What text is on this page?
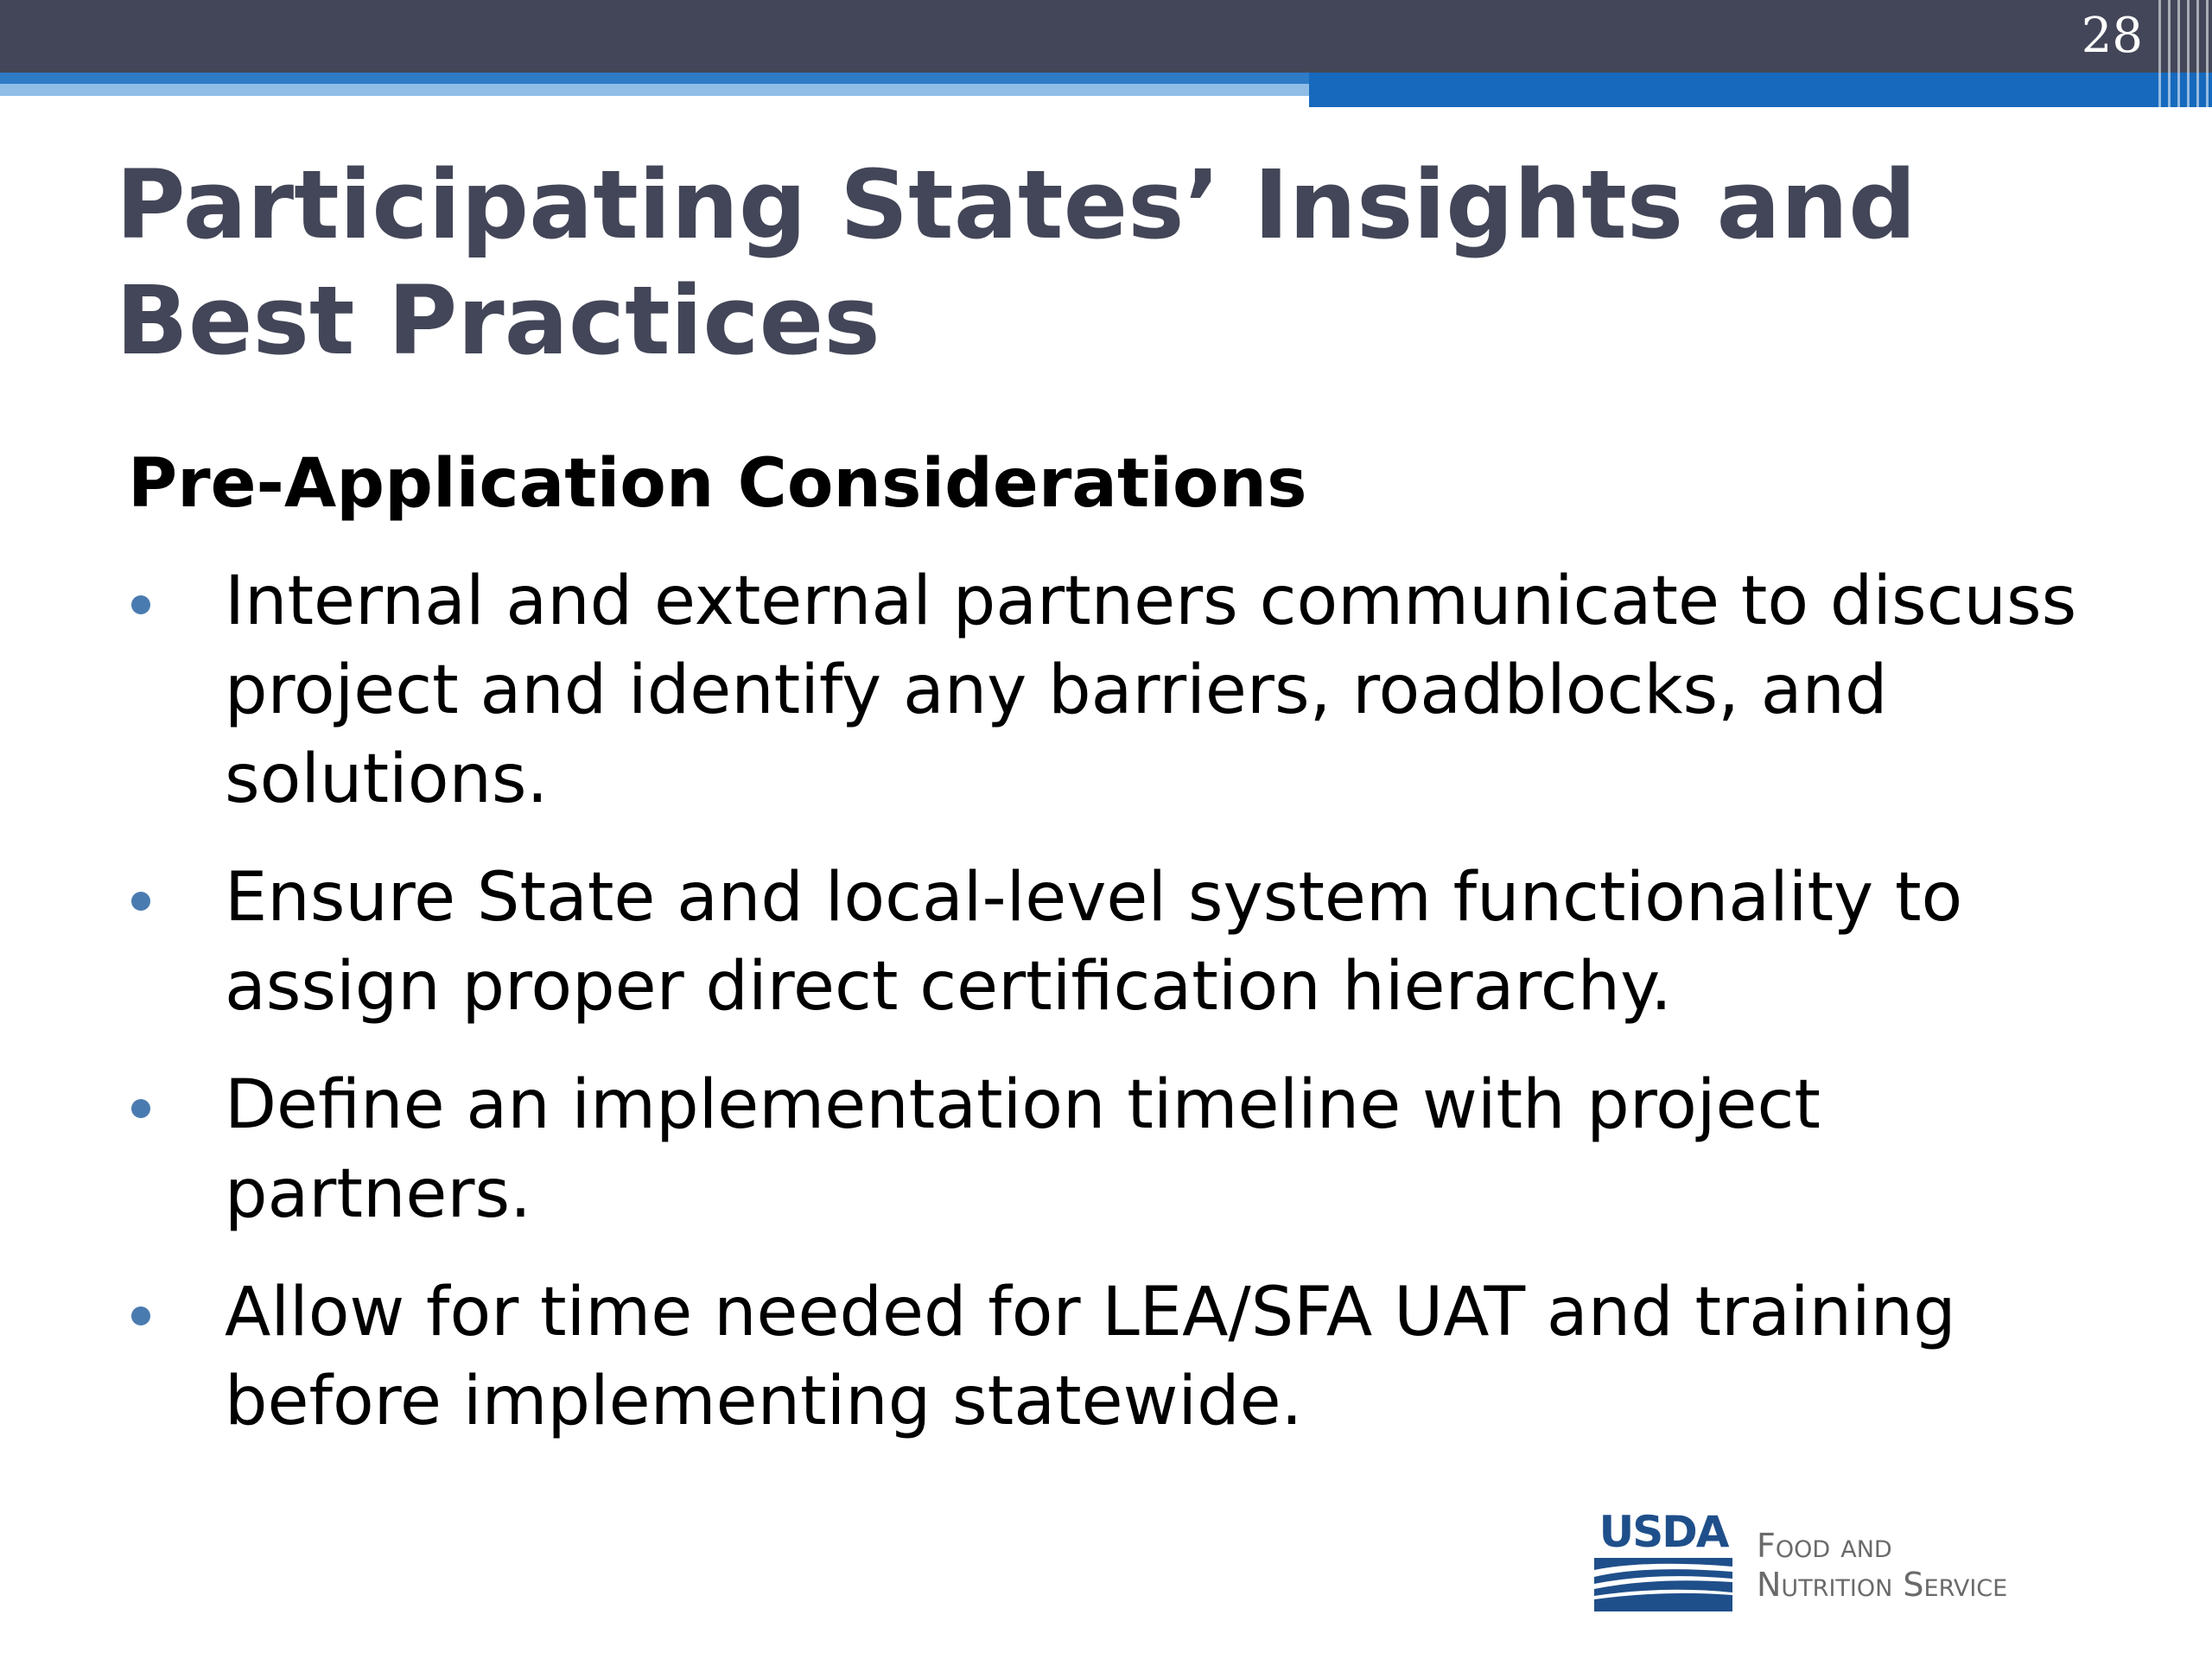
28
Participating States’ Insights and Best Practices
Pre-Application Considerations
Internal and external partners communicate to discuss project and identify any barriers, roadblocks, and solutions.
Ensure State and local-level system functionality to assign proper direct certification hierarchy.
Define an implementation timeline with project partners.
Allow for time needed for LEA/SFA UAT and training before implementing statewide.
USDA Food and
Nutrition Service
